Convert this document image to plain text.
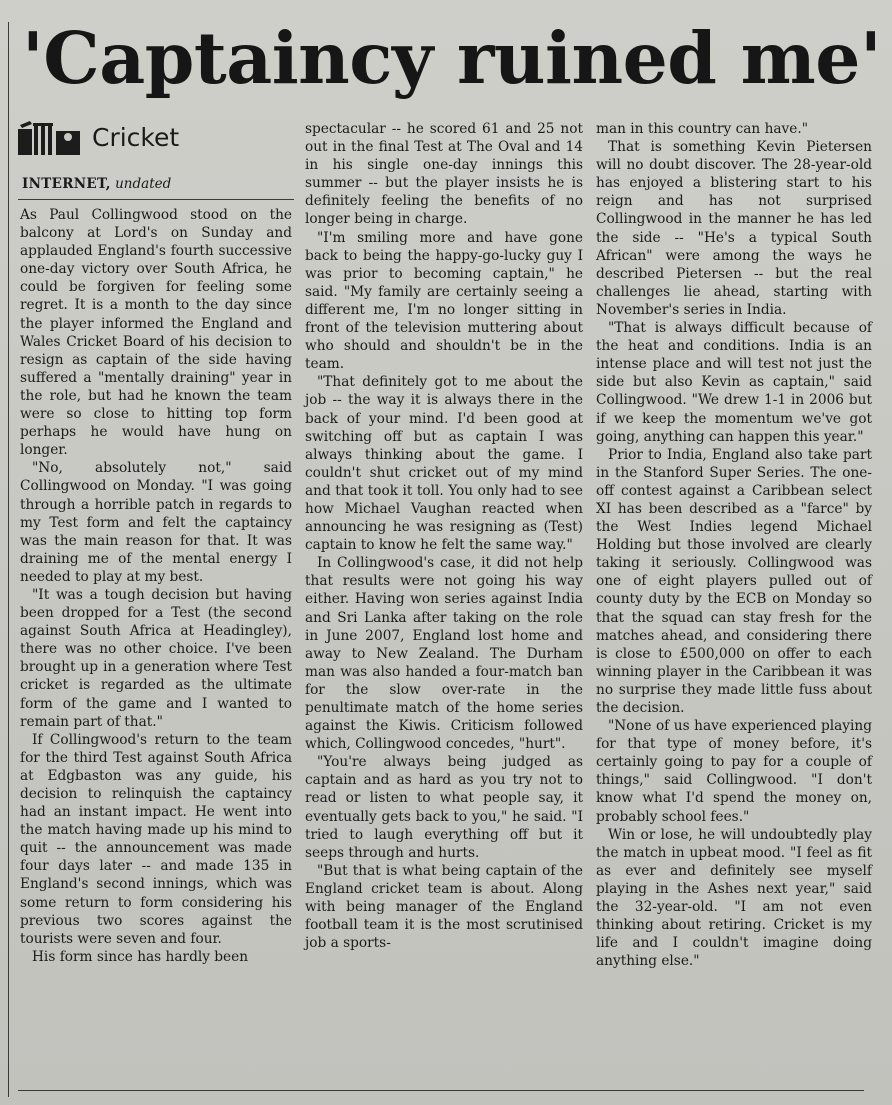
'Captaincy ruined me'
Cricket
INTERNET, undated

As Paul Collingwood stood on the balcony at Lord's on Sunday and applauded England's fourth successive one-day victory over South Africa, he could be forgiven for feeling some regret. It is a month to the day since the player informed the England and Wales Cricket Board of his decision to resign as captain of the side having suffered a "mentally draining" year in the role, but had he known the team were so close to hitting top form perhaps he would have hung on longer.

"No, absolutely not," said Collingwood on Monday. "I was going through a horrible patch in regards to my Test form and felt the captaincy was the main reason for that. It was draining me of the mental energy I needed to play at my best.

"It was a tough decision but having been dropped for a Test (the second against South Africa at Headingley), there was no other choice. I've been brought up in a generation where Test cricket is regarded as the ultimate form of the game and I wanted to remain part of that."

If Collingwood's return to the team for the third Test against South Africa at Edgbaston was any guide, his decision to relinquish the captaincy had an instant impact. He went into the match having made up his mind to quit -- the announcement was made four days later -- and made 135 in England's second innings, which was some return to form considering his previous two scores against the tourists were seven and four.

His form since has hardly been

spectacular -- he scored 61 and 25 not out in the final Test at The Oval and 14 in his single one-day innings this summer -- but the player insists he is definitely feeling the benefits of no longer being in charge.

"I'm smiling more and have gone back to being the happy-go-lucky guy I was prior to becoming captain," he said. "My family are certainly seeing a different me, I'm no longer sitting in front of the television muttering about who should and shouldn't be in the team.

"That definitely got to me about the job -- the way it is always there in the back of your mind. I'd been good at switching off but as captain I was always thinking about the game. I couldn't shut cricket out of my mind and that took it toll. You only had to see how Michael Vaughan reacted when announcing he was resigning as (Test) captain to know he felt the same way."

In Collingwood's case, it did not help that results were not going his way either. Having won series against India and Sri Lanka after taking on the role in June 2007, England lost home and away to New Zealand. The Durham man was also handed a four-match ban for the slow over-rate in the penultimate match of the home series against the Kiwis. Criticism followed which, Collingwood concedes, "hurt".

"You're always being judged as captain and as hard as you try not to read or listen to what people say, it eventually gets back to you," he said. "I tried to laugh everything off but it seeps through and hurts.

"But that is what being captain of the England cricket team is about. Along with being manager of the England football team it is the most scrutinised job a sports-

man in this country can have."

That is something Kevin Pietersen will no doubt discover. The 28-year-old has enjoyed a blistering start to his reign and has not surprised Collingwood in the manner he has led the side -- "He's a typical South African" were among the ways he described Pietersen -- but the real challenges lie ahead, starting with November's series in India.

"That is always difficult because of the heat and conditions. India is an intense place and will test not just the side but also Kevin as captain," said Collingwood. "We drew 1-1 in 2006 but if we keep the momentum we've got going, anything can happen this year."

Prior to India, England also take part in the Stanford Super Series. The one-off contest against a Caribbean select XI has been described as a "farce" by the West Indies legend Michael Holding but those involved are clearly taking it seriously. Collingwood was one of eight players pulled out of county duty by the ECB on Monday so that the squad can stay fresh for the matches ahead, and considering there is close to £500,000 on offer to each winning player in the Caribbean it was no surprise they made little fuss about the decision.

"None of us have experienced playing for that type of money before, it's certainly going to pay for a couple of things," said Collingwood. "I don't know what I'd spend the money on, probably school fees."

Win or lose, he will undoubtedly play the match in upbeat mood. "I feel as fit as ever and definitely see myself playing in the Ashes next year," said the 32-year-old. "I am not even thinking about retiring. Cricket is my life and I couldn't imagine doing anything else."
